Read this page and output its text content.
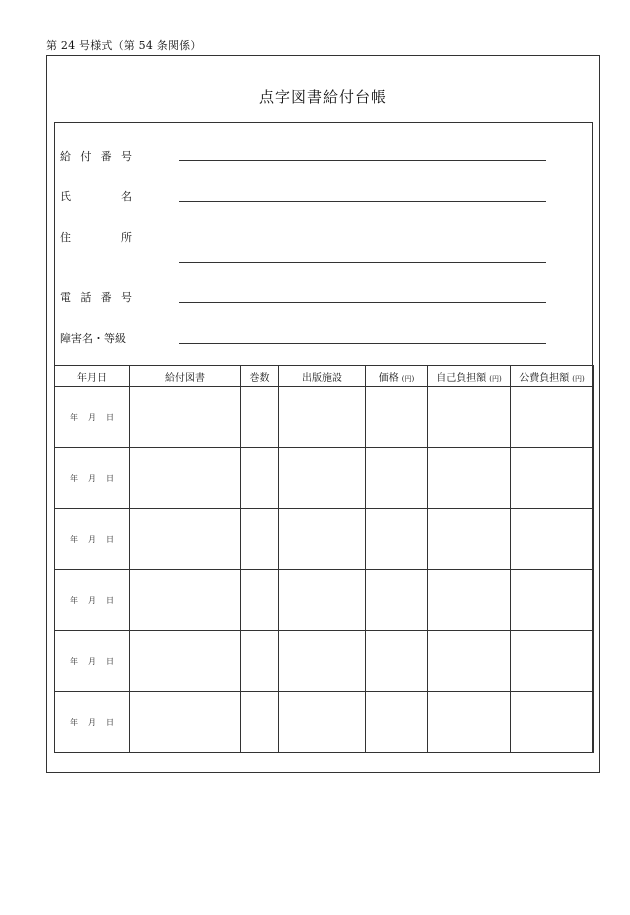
第 24 号様式（第 54 条関係）
点字図書給付台帳
給 付 番 号
氏	名
住	所
電 話 番 号
障害名・等級
年月日	給付図書	巻数	出版施設	価格 (円)	自己負担額 (円)	公費負担額 (円)
年 月 日						
年 月 日						
年 月 日						
年 月 日						
年 月 日						
年 月 日						
